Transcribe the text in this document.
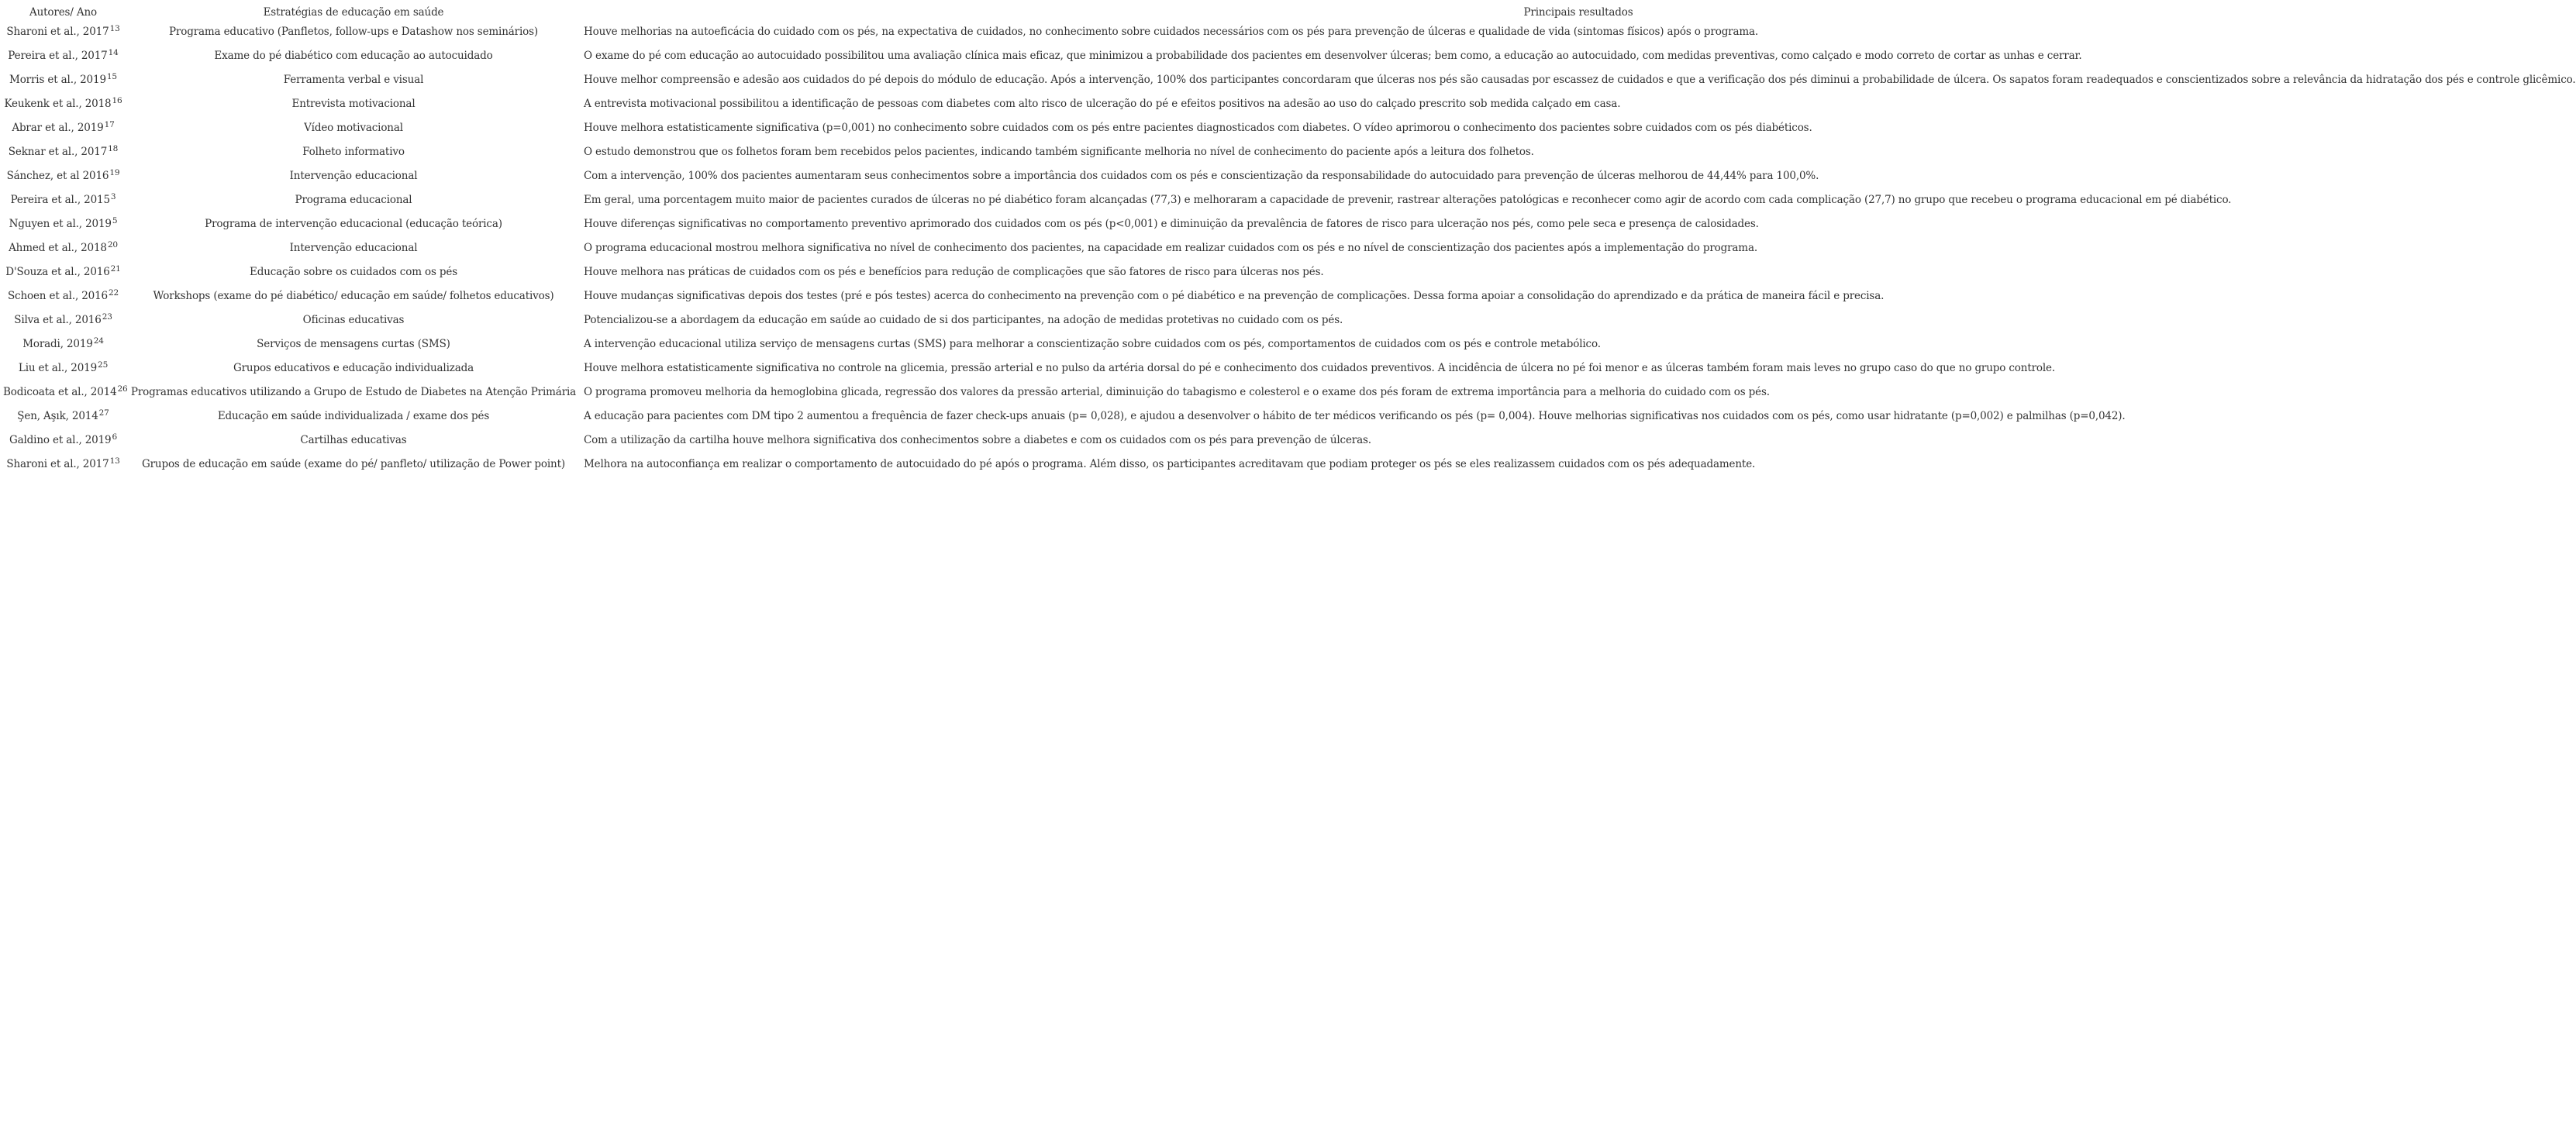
Autores/ Ano	Estratégias de educação em saúde	Principais resultados
Sharoni et al., 2017$^{13}$	Programa educativo (Panfletos, follow-ups e Datashow nos seminários)	Houve melhorias na autoeficácia do cuidado com os pés, na expectativa de cuidados, no conhecimento sobre cuidados necessários com os pés para prevenção de úlceras e qualidade de vida (sintomas físicos) após o programa.
Pereira et al., 2017$^{14}$	Exame do pé diabético com educação ao autocuidado	O exame do pé com educação ao autocuidado possibilitou uma avaliação clínica mais eficaz, que minimizou a probabilidade dos pacientes em desenvolver úlceras; bem como, a educação ao autocuidado, com medidas preventivas, como calçado e modo correto de cortar as unhas e cerrar.
Morris et al., 2019$^{15}$	Ferramenta verbal e visual	Houve melhor compreensão e adesão aos cuidados do pé depois do módulo de educação. Após a intervenção, 100% dos participantes concordaram que úlceras nos pés são causadas por escassez de cuidados e que a verificação dos pés diminui a probabilidade de úlcera. Os sapatos foram readequados e conscientizados sobre a relevância da hidratação dos pés e controle glicêmico.
Keukenk et al., 2018$^{16}$	Entrevista motivacional	A entrevista motivacional possibilitou a identificação de pessoas com diabetes com alto risco de ulceração do pé e efeitos positivos na adesão ao uso do calçado prescrito sob medida calçado em casa.
Abrar et al., 2019$^{17}$	Vídeo motivacional	Houve melhora estatisticamente significativa (p=0,001) no conhecimento sobre cuidados com os pés entre pacientes diagnosticados com diabetes. O vídeo aprimorou o conhecimento dos pacientes sobre cuidados com os pés diabéticos.
Seknar et al., 2017$^{18}$	Folheto informativo	O estudo demonstrou que os folhetos foram bem recebidos pelos pacientes, indicando também significante melhoria no nível de conhecimento do paciente após a leitura dos folhetos.
Sánchez, et al 2016$^{19}$	Intervenção educacional	Com a intervenção, 100% dos pacientes aumentaram seus conhecimentos sobre a importância dos cuidados com os pés e conscientização da responsabilidade do autocuidado para prevenção de úlceras melhorou de 44,44% para 100,0%.
Pereira et al., 2015$^3$	Programa educacional	Em geral, uma porcentagem muito maior de pacientes curados de úlceras no pé diabético foram alcançadas (77,3) e melhoraram a capacidade de prevenir, rastrear alterações patológicas e reconhecer como agir de acordo com cada complicação (27,7) no grupo que recebeu o programa educacional em pé diabético.
Nguyen et al., 2019$^5$	Programa de intervenção educacional (educação teórica)	Houve diferenças significativas no comportamento preventivo aprimorado dos cuidados com os pés (p<0,001) e diminuição da prevalência de fatores de risco para ulceração nos pés, como pele seca e presença de calosidades.
Ahmed et al., 2018$^{20}$	Intervenção educacional	O programa educacional mostrou melhora significativa no nível de conhecimento dos pacientes, na capacidade em realizar cuidados com os pés e no nível de conscientização dos pacientes após a implementação do programa.
D'Souza et al., 2016$^{21}$	Educação sobre os cuidados com os pés	Houve melhora nas práticas de cuidados com os pés e benefícios para redução de complicações que são fatores de risco para úlceras nos pés.
Schoen et al., 2016$^{22}$	Workshops (exame do pé diabético/ educação em saúde/ folhetos educativos)	Houve mudanças significativas depois dos testes (pré e pós testes) acerca do conhecimento na prevenção com o pé diabético e na prevenção de complicações. Dessa forma apoiar a consolidação do aprendizado e da prática de maneira fácil e precisa.
Silva et al., 2016$^{23}$	Oficinas educativas	Potencializou-se a abordagem da educação em saúde ao cuidado de si dos participantes, na adoção de medidas protetivas no cuidado com os pés.
Moradi, 2019$^{24}$	Serviços de mensagens curtas (SMS)	A intervenção educacional utiliza serviço de mensagens curtas (SMS) para melhorar a conscientização sobre cuidados com os pés, comportamentos de cuidados com os pés e controle metabólico.
Liu et al., 2019$^{25}$	Grupos educativos e educação individualizada	Houve melhora estatisticamente significativa no controle na glicemia, pressão arterial e no pulso da artéria dorsal do pé e conhecimento dos cuidados preventivos. A incidência de úlcera no pé foi menor e as úlceras também foram mais leves no grupo caso do que no grupo controle.
Bodicoata et al., 2014$^{26}$	Programas educativos utilizando a Grupo de Estudo de Diabetes na Atenção Primária	O programa promoveu melhoria da hemoglobina glicada, regressão dos valores da pressão arterial, diminuição do tabagismo e colesterol e o exame dos pés foram de extrema importância para a melhoria do cuidado com os pés.
Şen, Aşık, 2014$^{27}$	Educação em saúde individualizada / exame dos pés	A educação para pacientes com DM tipo 2 aumentou a frequência de fazer check-ups anuais (p= 0,028), e ajudou a desenvolver o hábito de ter médicos verificando os pés (p= 0,004). Houve melhorias significativas nos cuidados com os pés, como usar hidratante (p=0,002) e palmilhas (p=0,042).
Galdino et al., 2019$^6$	Cartilhas educativas	Com a utilização da cartilha houve melhora significativa dos conhecimentos sobre a diabetes e com os cuidados com os pés para prevenção de úlceras.
Sharoni et al., 2017$^{13}$	Grupos de educação em saúde (exame do pé/ panfleto/ utilização de Power point)	Melhora na autoconfiança em realizar o comportamento de autocuidado do pé após o programa. Além disso, os participantes acreditavam que podiam proteger os pés se eles realizassem cuidados com os pés adequadamente.
